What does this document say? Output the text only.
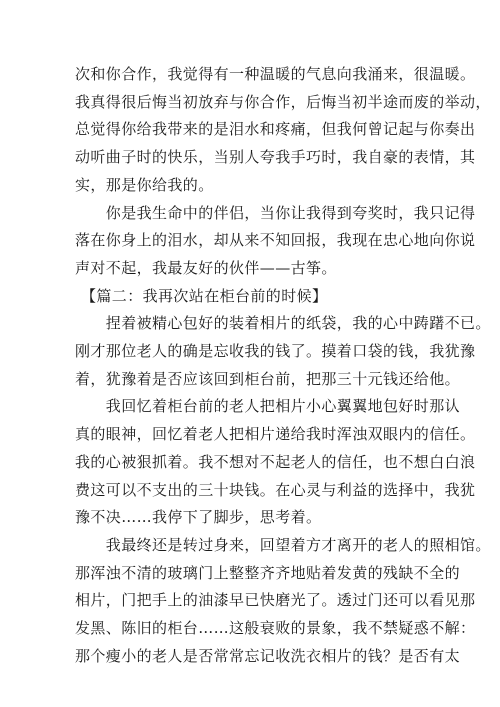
次和你合作，我觉得有一种温暖的气息向我涌来，很温暖。
我真得很后悔当初放弃与你合作，后悔当初半途而废的举动，
总觉得你给我带来的是泪水和疼痛，但我何曾记起与你奏出
动听曲子时的快乐，当别人夸我手巧时，我自豪的表情，其
实，那是你给我的。
　　你是我生命中的伴侣，当你让我得到夸奖时，我只记得
落在你身上的泪水，却从来不知回报，我现在忠心地向你说
声对不起，我最友好的伙伴——古筝。

【篇二：我再次站在柜台前的时候】

　　捏着被精心包好的装着相片的纸袋，我的心中踌躇不已。
刚才那位老人的确是忘收我的钱了。摸着口袋的钱，我犹豫
着，犹豫着是否应该回到柜台前，把那三十元钱还给他。
　　我回忆着柜台前的老人把相片小心翼翼地包好时那认
真的眼神，回忆着老人把相片递给我时浑浊双眼内的信任。
我的心被狠抓着。我不想对不起老人的信任，也不想白白浪
费这可以不支出的三十块钱。在心灵与利益的选择中，我犹
豫不决……我停下了脚步，思考着。
　　我最终还是转过身来，回望着方才离开的老人的照相馆。
那浑浊不清的玻璃门上整整齐齐地贴着发黄的残缺不全的
相片，门把手上的油漆早已快磨光了。透过门还可以看见那
发黑、陈旧的柜台……这般衰败的景象，我不禁疑惑不解：
那个瘦小的老人是否常常忘记收洗衣相片的钱？是否有太
